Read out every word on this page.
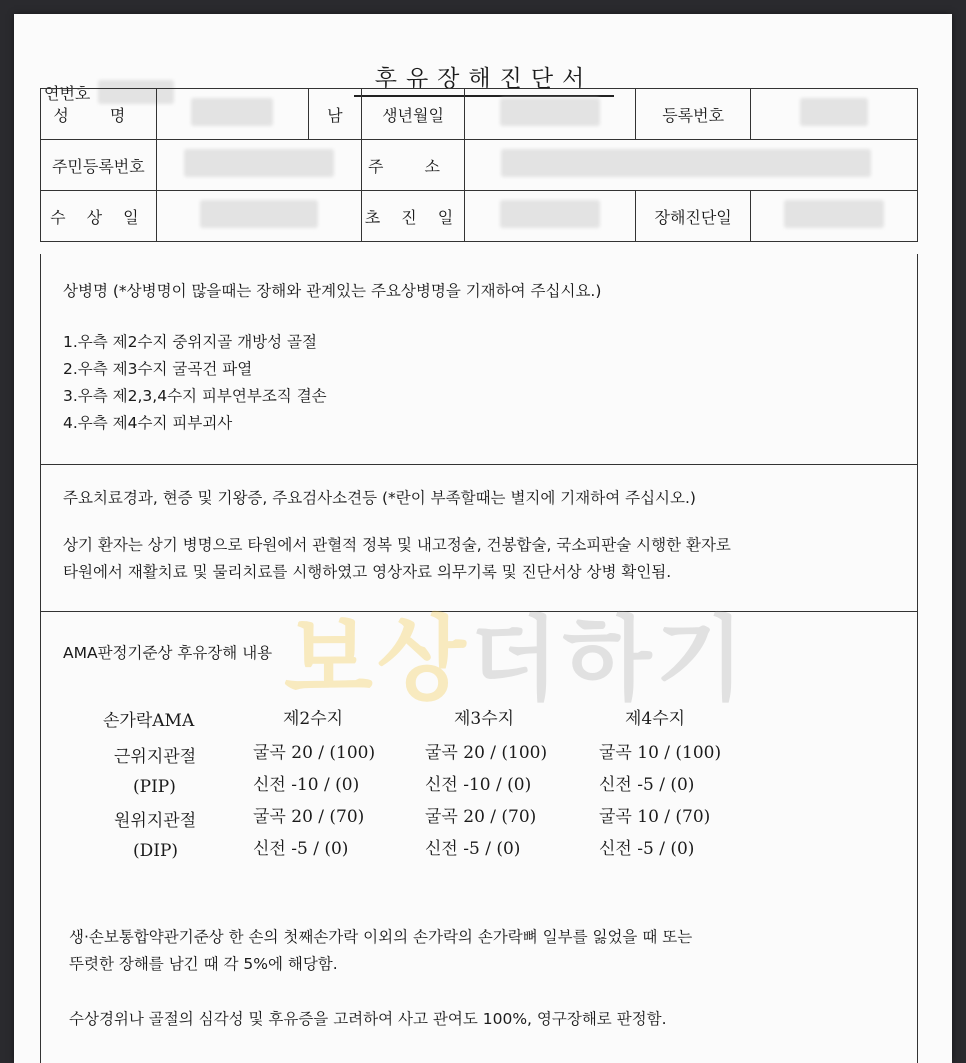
연번호
후유장해진단서
성 명		남	생년월일		등록번호	
주민등록번호			주 소			
수 상 일			초 진 일		장해진단일	
상병명 (*상병명이 많을때는 장해와 관계있는 주요상병명을 기재하여 주십시요.)
1.우측 제2수지 중위지골 개방성 골절
2.우측 제3수지 굴곡건 파열
3.우측 제2,3,4수지 피부연부조직 결손
4.우측 제4수지 피부괴사
주요치료경과, 현증 및 기왕증, 주요검사소견등 (*란이 부족할때는 별지에 기재하여 주십시오.)
상기 환자는 상기 병명으로 타원에서 관혈적 정복 및 내고정술, 건봉합술, 국소피판술 시행한 환자로
타원에서 재활치료 및 물리치료를 시행하였고 영상자료 의무기록 및 진단서상 상병 확인됨.
보상더하기
AMA판정기준상 후유장해 내용
손가락AMA	제2수지	제3수지	제4수지
근위지관절
(PIP)
굴곡 20 / (100)	굴곡 20 / (100)	굴곡 10 / (100)
신전 -10 / (0)	신전 -10 / (0)	신전 -5 / (0)
원위지관절
(DIP)
굴곡 20 / (70)	굴곡 20 / (70)	굴곡 10 / (70)
신전 -5 / (0)	신전 -5 / (0)	신전 -5 / (0)
생·손보통합약관기준상 한 손의 첫째손가락 이외의 손가락의 손가락뼈 일부를 잃었을 때 또는
뚜렷한 장해를 남긴 때 각 5%에 해당함.
수상경위나 골절의 심각성 및 후유증을 고려하여 사고 관여도 100%, 영구장해로 판정함.
